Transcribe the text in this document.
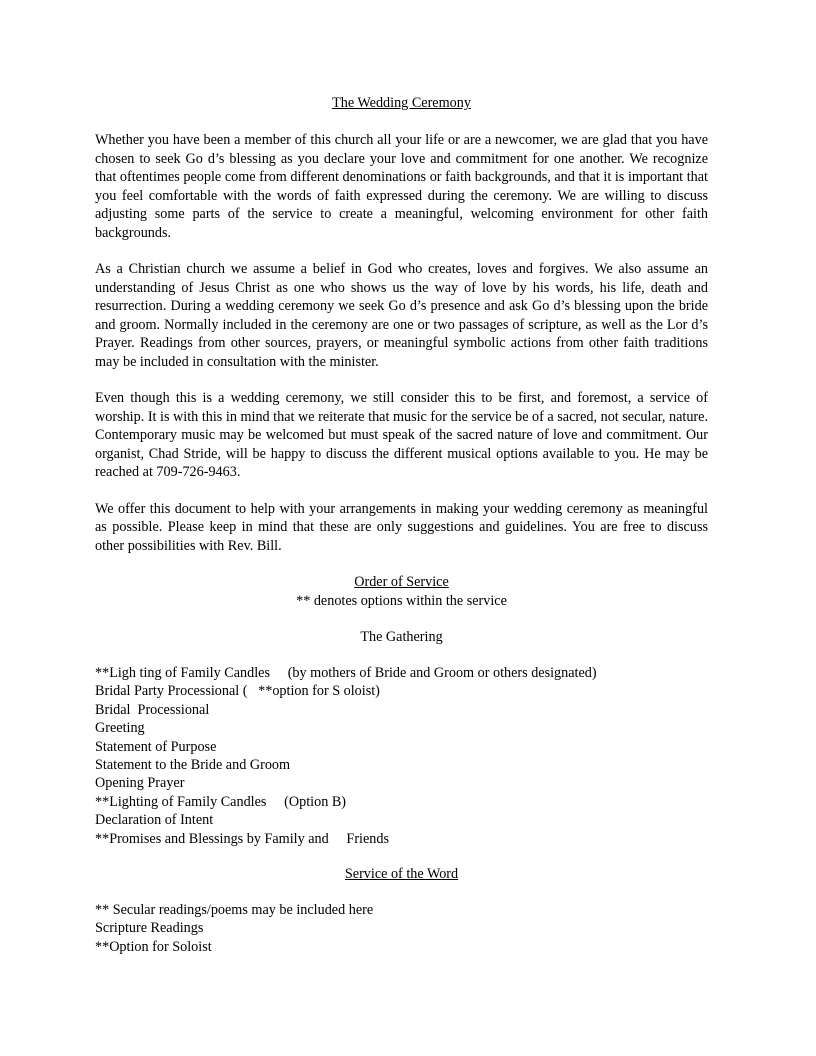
The Wedding Ceremony

Whether you have been a member of this church all your life or are a newcomer, we are glad that you have chosen to seek Go d’s blessing as you declare your love and commitment for one another. We recognize that oftentimes people come from different denominations or faith backgrounds, and that it is important that you feel comfortable with the words of faith expressed during the ceremony. We are willing to discuss adjusting some parts of the service to create a meaningful, welcoming environment for other faith backgrounds.

As a Christian church we assume a belief in God who creates, loves and forgives. We also assume an understanding of Jesus Christ as one who shows us the way of love by his words, his life, death and resurrection. During a wedding ceremony we seek Go d’s presence and ask Go d’s blessing upon the bride and groom. Normally included in the ceremony are one or two passages of scripture, as well as the Lor d’s Prayer. Readings from other sources, prayers, or meaningful symbolic actions from other faith traditions may be included in consultation with the minister.

Even though this is a wedding ceremony, we still consider this to be first, and foremost, a service of worship. It is with this in mind that we reiterate that music for the service be of a sacred, not secular, nature. Contemporary music may be welcomed but must speak of the sacred nature of love and commitment. Our organist, Chad Stride, will be happy to discuss the different musical options available to you. He may be reached at 709-726-9463.

We offer this document to help with your arrangements in making your wedding ceremony as meaningful as possible. Please keep in mind that these are only suggestions and guidelines. You are free to discuss other possibilities with Rev. Bill.

Order of Service
** denotes options within the service
The Gathering
**Ligh ting of Family Candles     (by mothers of Bride and Groom or others designated)
Bridal Party Processional (   **option for S oloist)
Bridal  Processional
Greeting
Statement of Purpose
Statement to the Bride and Groom
Opening Prayer
**Lighting of Family Candles     (Option B)
Declaration of Intent
**Promises and Blessings by Family and     Friends
Service of the Word
** Secular readings/poems may be included here
Scripture Readings
**Option for Soloist
